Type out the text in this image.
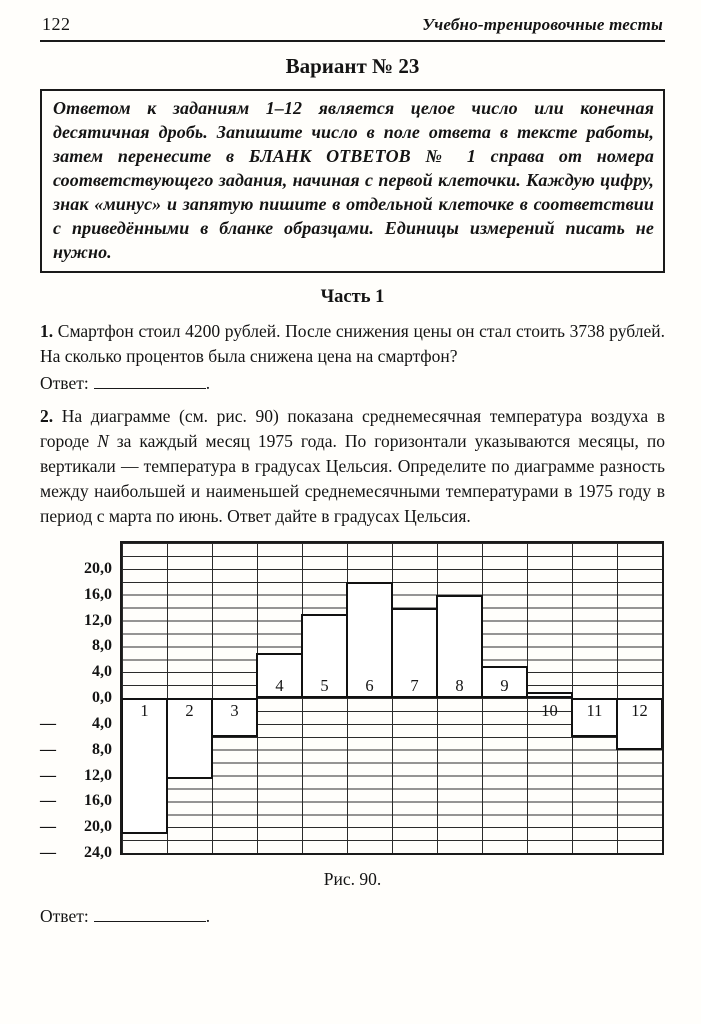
122	Учебно-тренировочные тесты
Вариант № 23

Ответом к заданиям 1–12 является целое число или конечная десятичная дробь. Запишите число в поле ответа в тексте работы, затем перенесите в БЛАНК ОТВЕТОВ № 1 справа от номера соответствующего задания, начиная с первой клеточки. Каждую цифру, знак «минус» и запятую пишите в отдельной клеточке в соответствии с приведёнными в бланке образцами. Единицы измерений писать не нужно.

Часть 1

1. Смартфон стоил 4200 рублей. После снижения цены он стал стоить 3738 рублей. На сколько процентов была снижена цена на смартфон?

Ответ:	.

2. На диаграмме (см. рис. 90) показана среднемесячная температура воздуха в городе N за каждый месяц 1975 года. По горизонтали указываются месяцы, по вертикали — температура в градусах Цельсия. Определите по диаграмме разность между наибольшей и наименьшей среднемесячными температурами в 1975 году в период с марта по июнь. Ответ дайте в градусах Цельсия.

20,0
16,0
12,0
8,0
4,0
0,0
— 4,0
— 8,0
— 12,0
— 16,0
— 20,0
— 24,0
1	2	3
4	5	6	7	8	9
10	11	12
Рис. 90.

Ответ:	.
